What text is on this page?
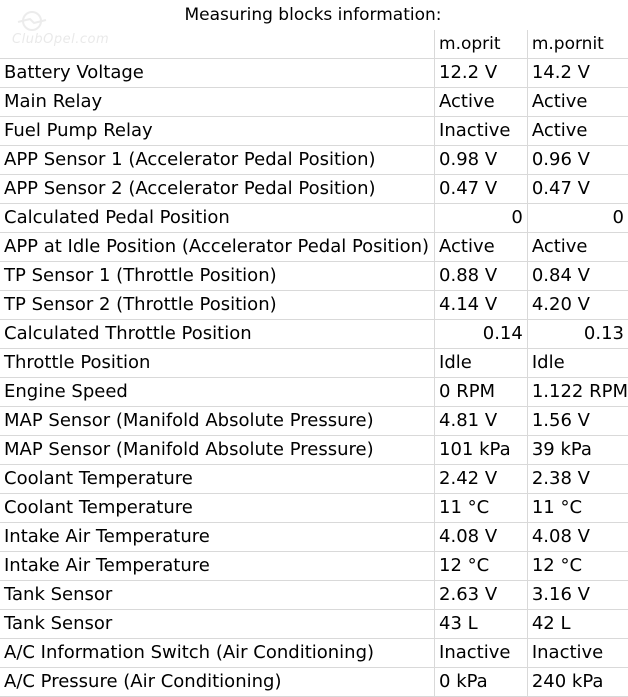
ClubOpel.com
Measuring blocks information:
	m.oprit	m.pornit
Battery Voltage	12.2 V	14.2 V
Main Relay	Active	Active
Fuel Pump Relay	Inactive	Active
APP Sensor 1 (Accelerator Pedal Position)	0.98 V	0.96 V
APP Sensor 2 (Accelerator Pedal Position)	0.47 V	0.47 V
Calculated Pedal Position	0	0
APP at Idle Position (Accelerator Pedal Position)	Active	Active
TP Sensor 1 (Throttle Position)	0.88 V	0.84 V
TP Sensor 2 (Throttle Position)	4.14 V	4.20 V
Calculated Throttle Position	0.14	0.13
Throttle Position	Idle	Idle
Engine Speed	0 RPM	1.122 RPM
MAP Sensor (Manifold Absolute Pressure)	4.81 V	1.56 V
MAP Sensor (Manifold Absolute Pressure)	101 kPa	39 kPa
Coolant Temperature	2.42 V	2.38 V
Coolant Temperature	11 °C	11 °C
Intake Air Temperature	4.08 V	4.08 V
Intake Air Temperature	12 °C	12 °C
Tank Sensor	2.63 V	3.16 V
Tank Sensor	43 L	42 L
A/C Information Switch (Air Conditioning)	Inactive	Inactive
A/C Pressure (Air Conditioning)	0 kPa	240 kPa
